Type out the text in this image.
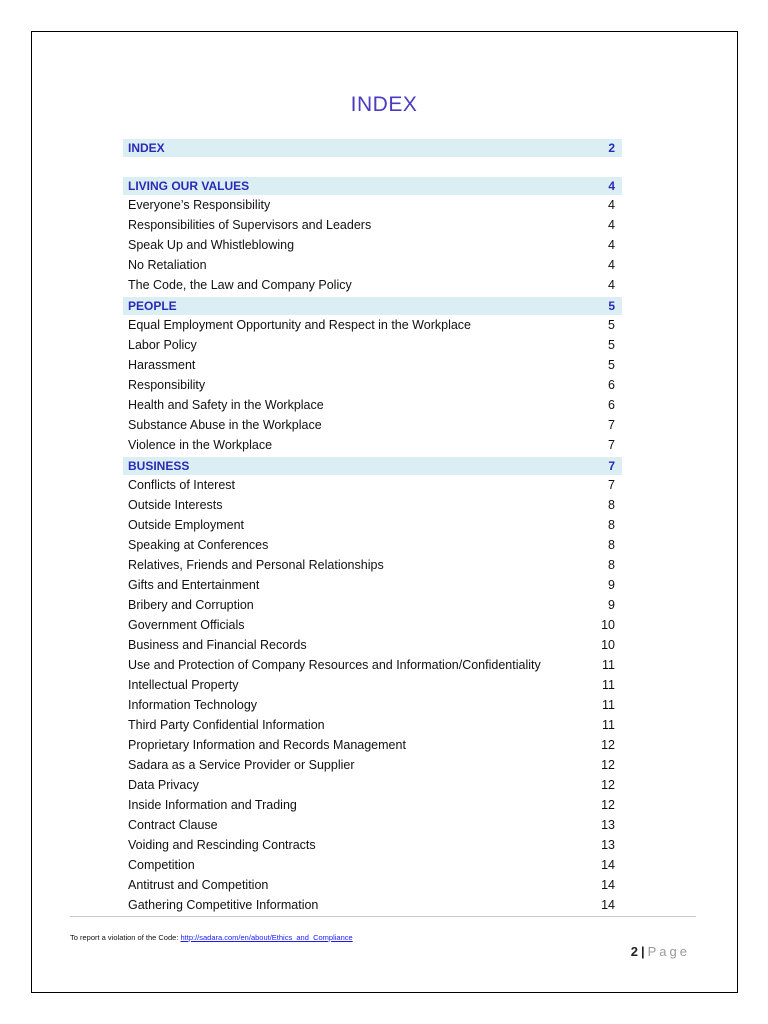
INDEX
INDEX	2
LIVING OUR VALUES	4
Everyone’s Responsibility	4
Responsibilities of Supervisors and Leaders	4
Speak Up and Whistleblowing	4
No Retaliation	4
The Code, the Law and Company Policy	4
PEOPLE	5
Equal Employment Opportunity and Respect in the Workplace	5
Labor Policy	5
Harassment	5
Responsibility	6
Health and Safety in the Workplace	6
Substance Abuse in the Workplace	7
Violence in the Workplace	7
BUSINESS	7
Conflicts of Interest	7
Outside Interests	8
Outside Employment	8
Speaking at Conferences	8
Relatives, Friends and Personal Relationships	8
Gifts and Entertainment	9
Bribery and Corruption	9
Government Officials	10
Business and Financial Records	10
Use and Protection of Company Resources and Information/Confidentiality	11
Intellectual Property	11
Information Technology	11
Third Party Confidential Information	11
Proprietary Information and Records Management	12
Sadara as a Service Provider or Supplier	12
Data Privacy	12
Inside Information and Trading	12
Contract Clause	13
Voiding and Rescinding Contracts	13
Competition	14
Antitrust and Competition	14
Gathering Competitive Information	14
To report a violation of the Code: http://sadara.com/en/about/Ethics_and_Compliance
2 | Page
